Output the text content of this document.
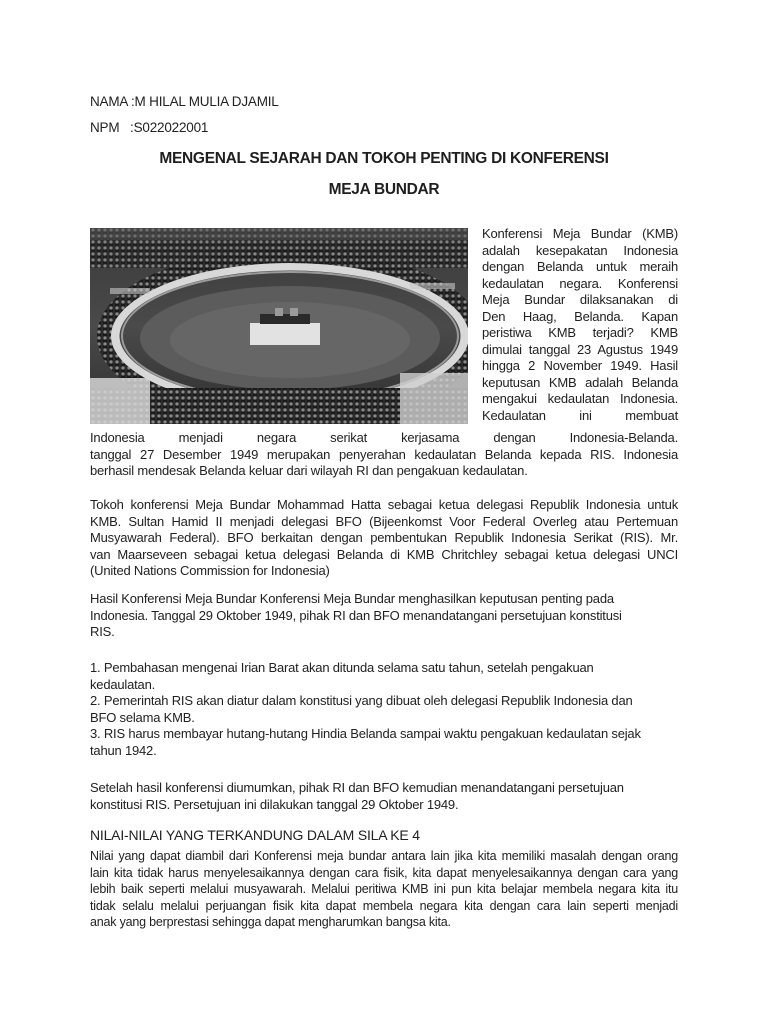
NAMA :M HILAL MULIA DJAMIL
NPM   :S022022001
MENGENAL SEJARAH DAN TOKOH PENTING DI KONFERENSI
MEJA BUNDAR
Konferensi Meja Bundar (KMB)
adalah kesepakatan Indonesia
dengan Belanda untuk meraih
kedaulatan negara. Konferensi
Meja Bundar dilaksanakan di
Den Haag, Belanda. Kapan
peristiwa KMB terjadi? KMB
dimulai tanggal 23 Agustus 1949
hingga 2 November 1949. Hasil
keputusan KMB adalah Belanda
mengakui kedaulatan Indonesia.
Kedaulatan ini membuat
Indonesia menjadi negara serikat kerjasama dengan Indonesia-Belanda.
tanggal 27 Desember 1949 merupakan penyerahan kedaulatan Belanda kepada RIS. Indonesia
berhasil mendesak Belanda keluar dari wilayah RI dan pengakuan kedaulatan.
Tokoh konferensi Meja Bundar Mohammad Hatta sebagai ketua delegasi Republik Indonesia untuk
KMB. Sultan Hamid II menjadi delegasi BFO (Bijeenkomst Voor Federal Overleg atau Pertemuan
Musyawarah Federal). BFO berkaitan dengan pembentukan Republik Indonesia Serikat (RIS). Mr.
van Maarseveen sebagai ketua delegasi Belanda di KMB Chritchley sebagai ketua delegasi UNCI
(United Nations Commission for Indonesia)
Hasil Konferensi Meja Bundar Konferensi Meja Bundar menghasilkan keputusan penting pada
Indonesia. Tanggal 29 Oktober 1949, pihak RI dan BFO menandatangani persetujuan konstitusi
RIS.
1. Pembahasan mengenai Irian Barat akan ditunda selama satu tahun, setelah pengakuan
kedaulatan.
2. Pemerintah RIS akan diatur dalam konstitusi yang dibuat oleh delegasi Republik Indonesia dan
BFO selama KMB.
3. RIS harus membayar hutang-hutang Hindia Belanda sampai waktu pengakuan kedaulatan sejak
tahun 1942.
Setelah hasil konferensi diumumkan, pihak RI dan BFO kemudian menandatangani persetujuan
konstitusi RIS. Persetujuan ini dilakukan tanggal 29 Oktober 1949.
NILAI-NILAI YANG TERKANDUNG DALAM SILA KE 4
Nilai yang dapat diambil dari Konferensi meja bundar antara lain jika kita memiliki masalah dengan orang
lain kita tidak harus menyelesaikannya dengan cara fisik, kita dapat menyelesaikannya dengan cara yang
lebih baik seperti melalui musyawarah. Melalui peritiwa KMB ini pun kita belajar membela negara kita itu
tidak selalu melalui perjuangan fisik kita dapat membela negara kita dengan cara lain seperti menjadi
anak yang berprestasi sehingga dapat mengharumkan bangsa kita.
